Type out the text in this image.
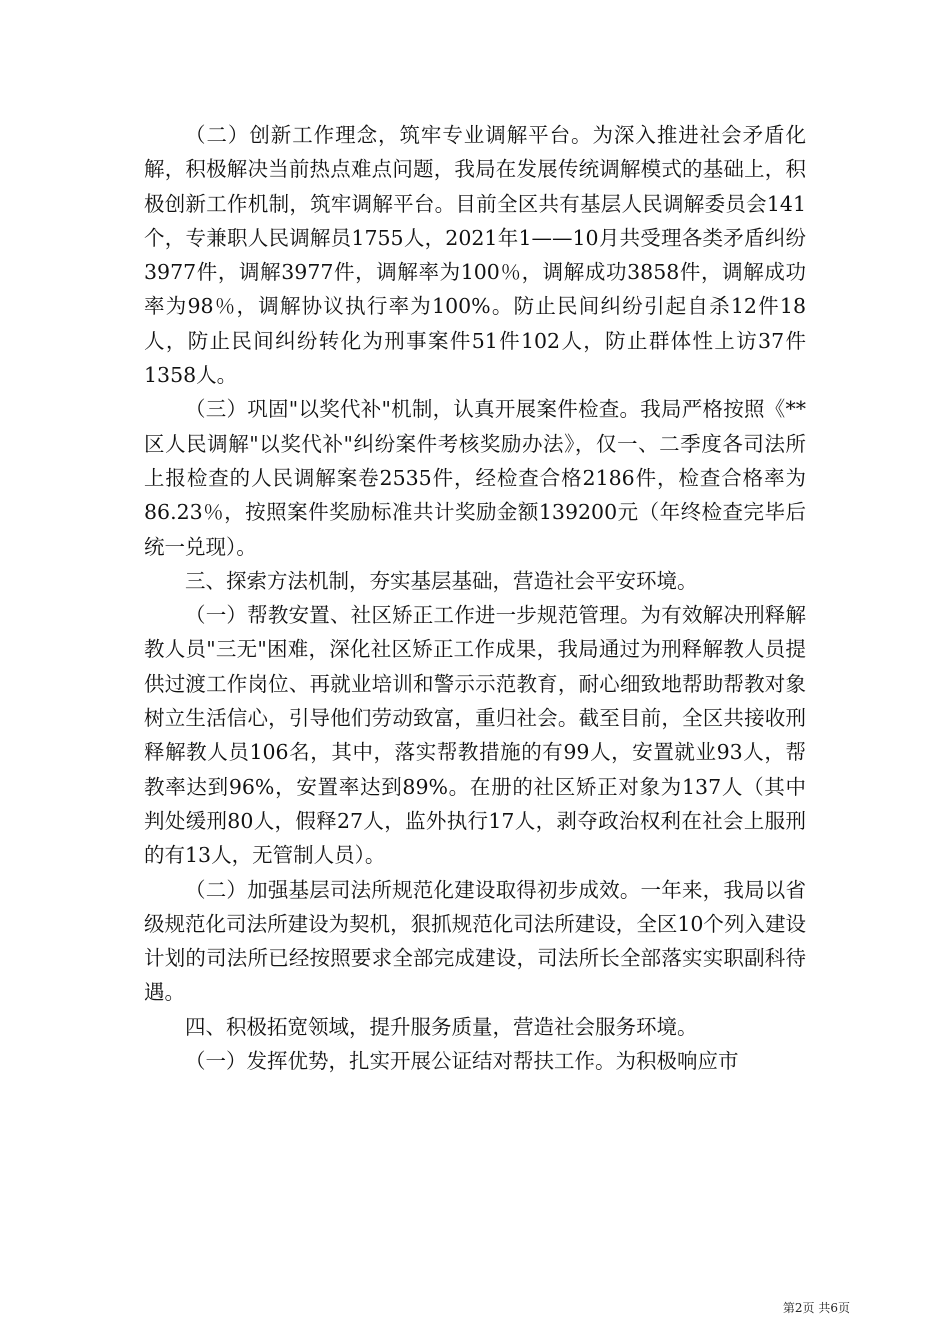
（二）创新工作理念，筑牢专业调解平台。为深入推进社会矛盾化解，积极解决当前热点难点问题，我局在发展传统调解模式的基础上，积极创新工作机制，筑牢调解平台。目前全区共有基层人民调解委员会141个，专兼职人民调解员1755人，2021年1——10月共受理各类矛盾纠纷3977件，调解3977件，调解率为100％，调解成功3858件，调解成功率为98％，调解协议执行率为100%。防止民间纠纷引起自杀12件18人，防止民间纠纷转化为刑事案件51件102人，防止群体性上访37件1358人。

（三）巩固"以奖代补"机制，认真开展案件检查。我局严格按照《**区人民调解"以奖代补"纠纷案件考核奖励办法》，仅一、二季度各司法所上报检查的人民调解案卷2535件，经检查合格2186件，检查合格率为86.23％，按照案件奖励标准共计奖励金额139200元（年终检查完毕后统一兑现）。

三、探索方法机制，夯实基层基础，营造社会平安环境。

（一）帮教安置、社区矫正工作进一步规范管理。为有效解决刑释解教人员"三无"困难，深化社区矫正工作成果，我局通过为刑释解教人员提供过渡工作岗位、再就业培训和警示示范教育，耐心细致地帮助帮教对象树立生活信心，引导他们劳动致富，重归社会。截至目前，全区共接收刑释解教人员106名，其中，落实帮教措施的有99人，安置就业93人，帮教率达到96%，安置率达到89%。在册的社区矫正对象为137人（其中判处缓刑80人，假释27人，监外执行17人，剥夺政治权利在社会上服刑的有13人，无管制人员）。

（二）加强基层司法所规范化建设取得初步成效。一年来，我局以省级规范化司法所建设为契机，狠抓规范化司法所建设，全区10个列入建设计划的司法所已经按照要求全部完成建设，司法所长全部落实实职副科待遇。

四、积极拓宽领域，提升服务质量，营造社会服务环境。

（一）发挥优势，扎实开展公证结对帮扶工作。为积极响应市

第2页 共6页
